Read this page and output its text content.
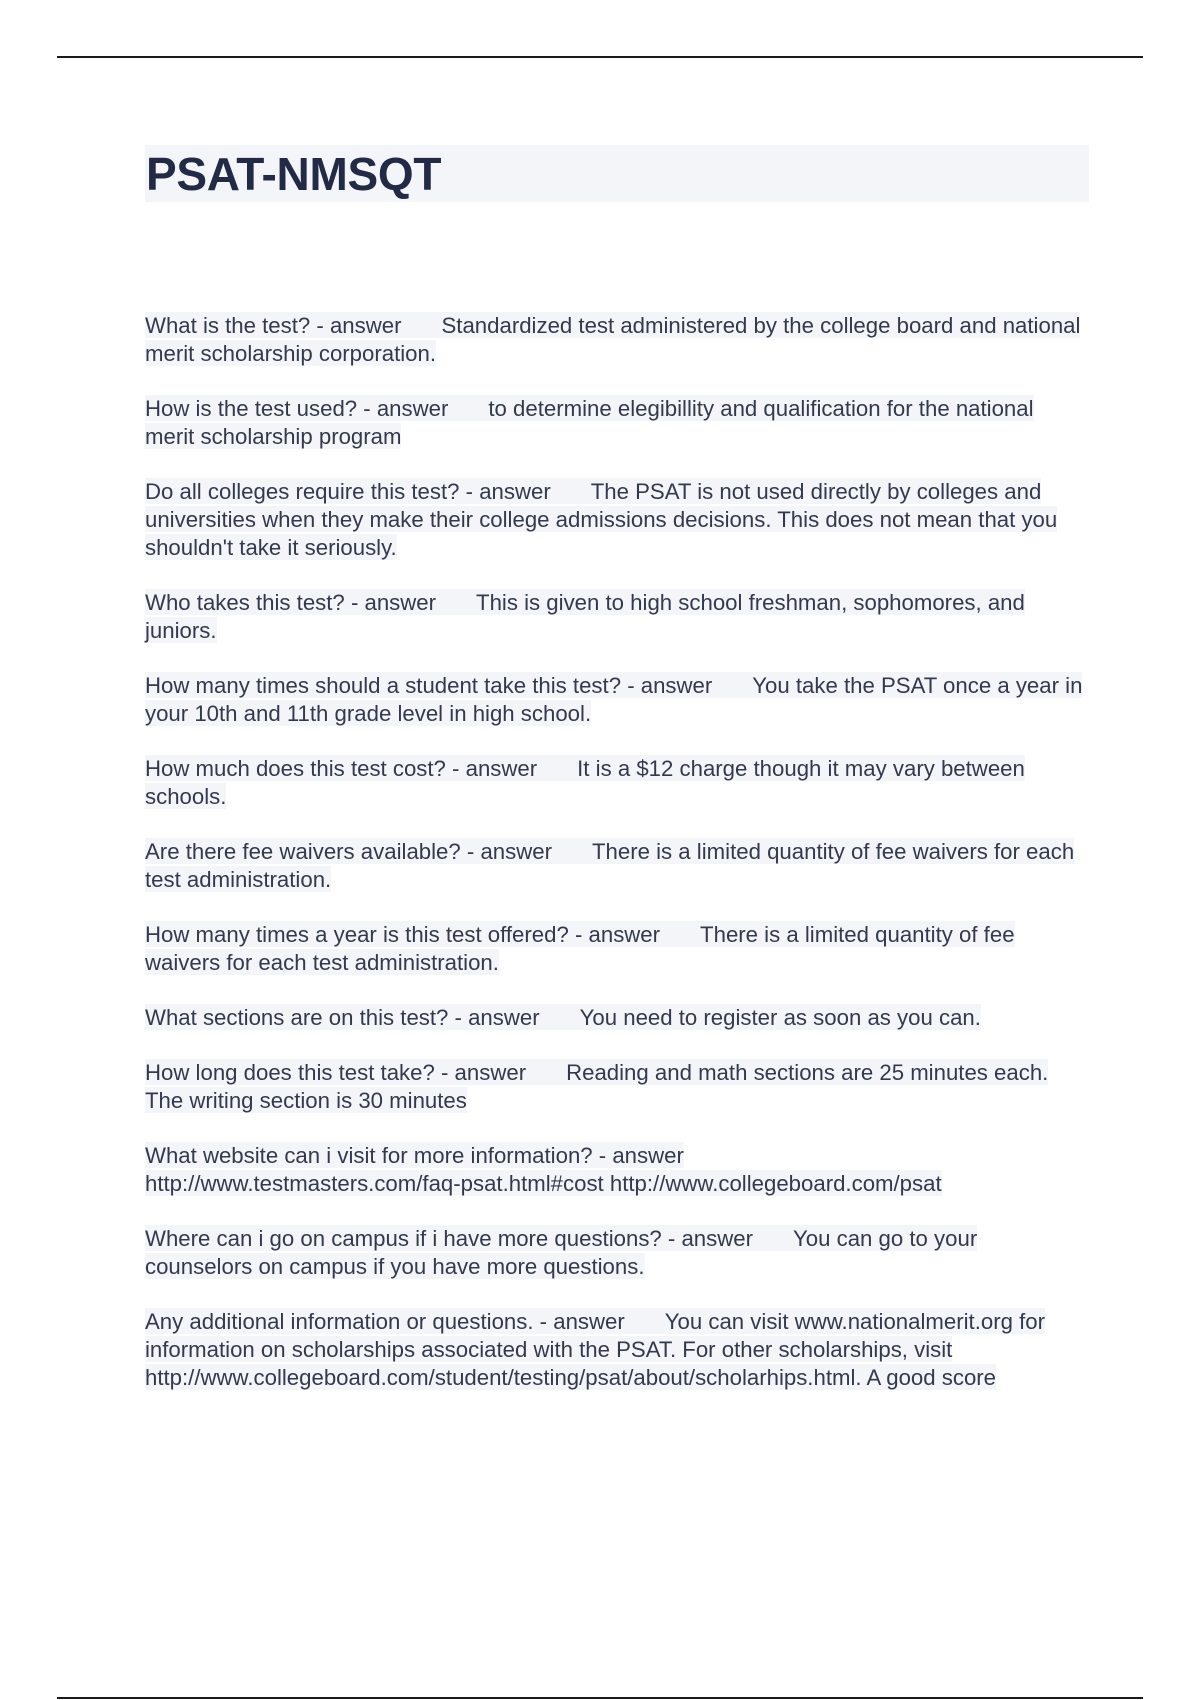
PSAT-NMSQT

What is the test? - answer Standardized test administered by the college board and national merit scholarship corporation.

How is the test used? - answer to determine elegibillity and qualification for the national merit scholarship program

Do all colleges require this test? - answer The PSAT is not used directly by colleges and universities when they make their college admissions decisions. This does not mean that you shouldn't take it seriously.

Who takes this test? - answer This is given to high school freshman, sophomores, and juniors.

How many times should a student take this test? - answer You take the PSAT once a year in your 10th and 11th grade level in high school.

How much does this test cost? - answer It is a $12 charge though it may vary between schools.

Are there fee waivers available? - answer There is a limited quantity of fee waivers for each test administration.

How many times a year is this test offered? - answer There is a limited quantity of fee waivers for each test administration.

What sections are on this test? - answer You need to register as soon as you can.

How long does this test take? - answer Reading and math sections are 25 minutes each. The writing section is 30 minutes

What website can i visit for more information? - answer
http://www.testmasters.com/faq-psat.html#cost http://www.collegeboard.com/psat

Where can i go on campus if i have more questions? - answer You can go to your counselors on campus if you have more questions.

Any additional information or questions. - answer You can visit www.nationalmerit.org for information on scholarships associated with the PSAT. For other scholarships, visit http://www.collegeboard.com/student/testing/psat/about/scholarhips.html. A good score
